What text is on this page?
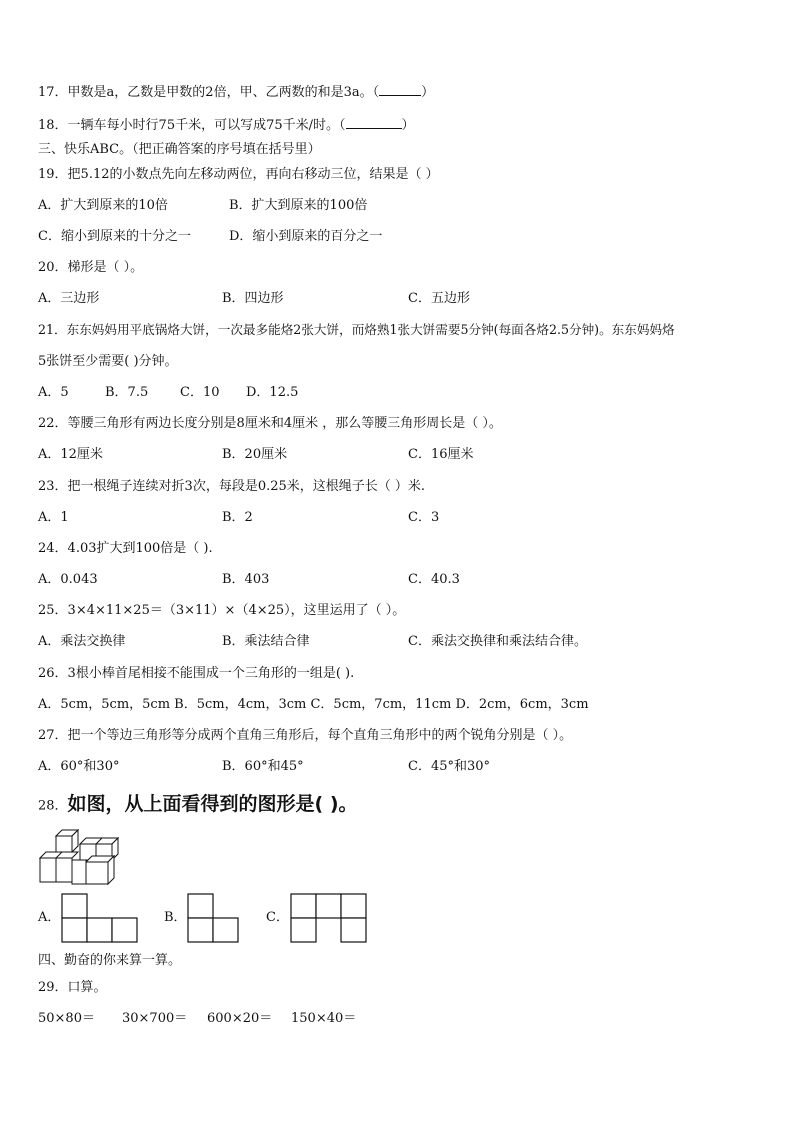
17．甲数是a，乙数是甲数的2倍，甲、乙两数的和是3a。（	）
18．一辆车每小时行75千米，可以写成75千米/时。（	）
三、快乐ABC。（把正确答案的序号填在括号里）
19．把5.12的小数点先向左移动两位，再向右移动三位，结果是（ ）
A．扩大到原来的10倍	B．扩大到原来的100倍
C．缩小到原来的十分之一	D．缩小到原来的百分之一
20．梯形是（ ）。
A．三边形	B．四边形	C．五边形
21．东东妈妈用平底锅烙大饼，一次最多能烙2张大饼，而烙熟1张大饼需要5分钟(每面各烙2.5分钟)。东东妈妈烙
5张饼至少需要( )分钟。
A．5	B．7.5 C．10 D．12.5
22．等腰三角形有两边长度分别是8厘米和4厘米 ，那么等腰三角形周长是（ ）。
A．12厘米	B．20厘米	C．16厘米
23．把一根绳子连续对折3次，每段是0.25米，这根绳子长（ ）米.
A．1	B．2	C．3
24．4.03扩大到100倍是（ ).
A．0.043	B．403	C．40.3
25．3×4×11×25＝（3×11）×（4×25），这里运用了（ ）。
A．乘法交换律	B．乘法结合律	C．乘法交换律和乘法结合律。
26．3根小棒首尾相接不能围成一个三角形的一组是( ).
A．5cm，5cm，5cm B．5cm，4cm，3cm C．5cm，7cm，11cm D．2cm，6cm，3cm
27．把一个等边三角形等分成两个直角三角形后，每个直角三角形中的两个锐角分别是（ ）。
A．60°和30°	B．60°和45°	C．45°和30°
28．如图，从上面看得到的图形是( )。
A．	B．	C．
四、勤奋的你来算一算。
29．口算。
50×80＝ 30×700＝ 600×20＝ 150×40＝
